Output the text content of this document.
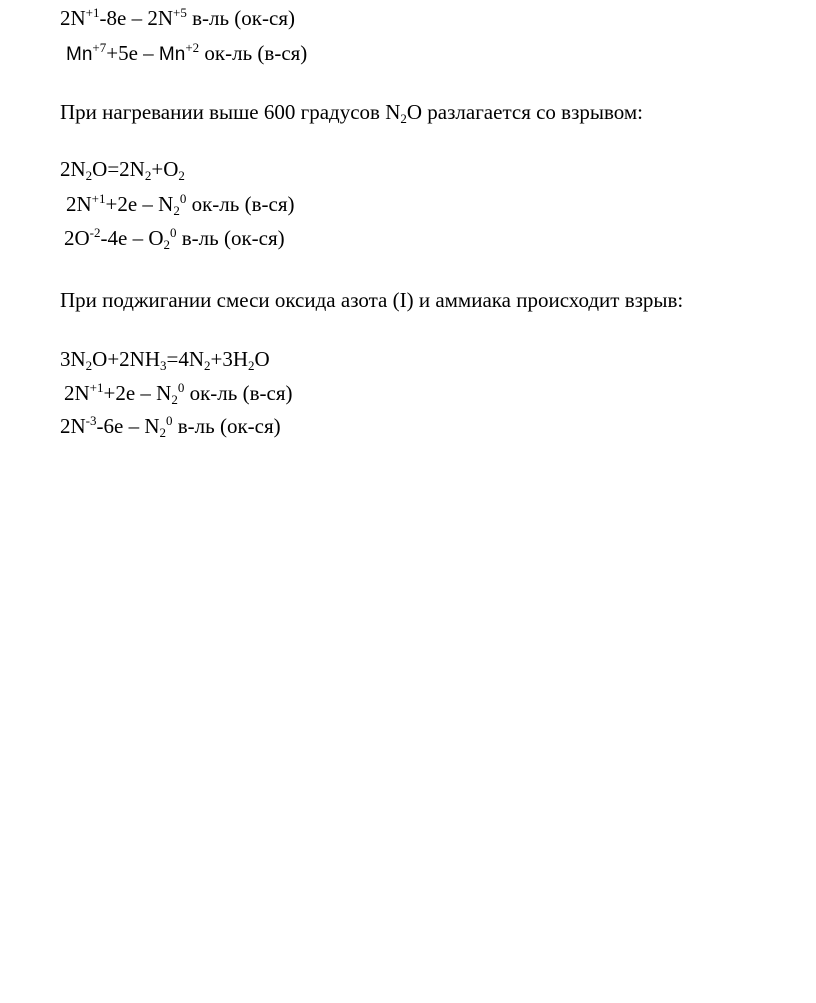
$2N^{+1}-8e - 2N^{+5}$ в-ль (ок-ся)
$Mn^{+7}+5e - Mn^{+2}$ ок-ль (в-ся)
При нагревании выше 600 градусов $N_2O$ разлагается со взрывом:
$2N_2O=2N_2+O_2$
$2N^{+1}+2e - N_2^0$ ок-ль (в-ся)
$2O^{-2}-4e - O_2^0$ в-ль (ок-ся)
При поджигании смеси оксида азота (I) и аммиака происходит взрыв:
$3N_2O+2NH_3=4N_2+3H_2O$
$2N^{+1}+2e - N_2^0$ ок-ль (в-ся)
$2N^{-3}-6e - N_2^0$ в-ль (ок-ся)
